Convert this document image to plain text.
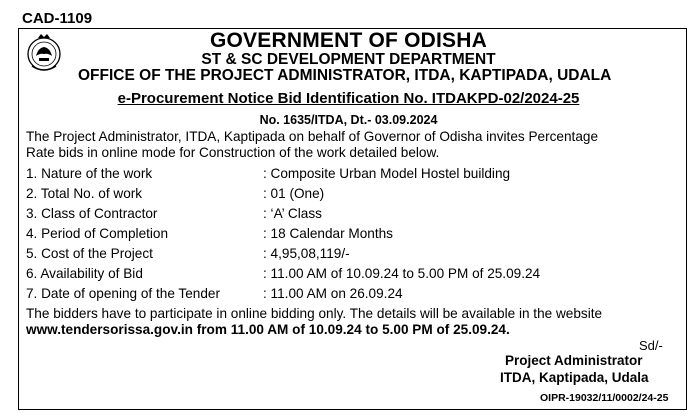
CAD-1109
GOVERNMENT OF ODISHA
ST & SC DEVELOPMENT DEPARTMENT
OFFICE OF THE PROJECT ADMINISTRATOR, ITDA, KAPTIPADA, UDALA
e-Procurement Notice Bid Identification No. ITDAKPD-02/2024-25
No. 1635/ITDA, Dt.- 03.09.2024
The Project Administrator, ITDA, Kaptipada on behalf of Governor of Odisha invites Percentage
Rate bids in online mode for Construction of the work detailed below.
1. Nature of the work	: Composite Urban Model Hostel building
2. Total No. of work	: 01 (One)
3. Class of Contractor	: ‘A’ Class
4. Period of Completion	: 18 Calendar Months
5. Cost of the Project	: 4,95,08,119/-
6. Availability of Bid	: 11.00 AM of 10.09.24 to 5.00 PM of 25.09.24
7. Date of opening of the Tender	: 11.00 AM on 26.09.24
The bidders have to participate in online bidding only. The details will be available in the website
www.tendersorissa.gov.in from 11.00 AM of 10.09.24 to 5.00 PM of 25.09.24.
Sd/-
Project Administrator
ITDA, Kaptipada, Udala
OIPR-19032/11/0002/24-25
